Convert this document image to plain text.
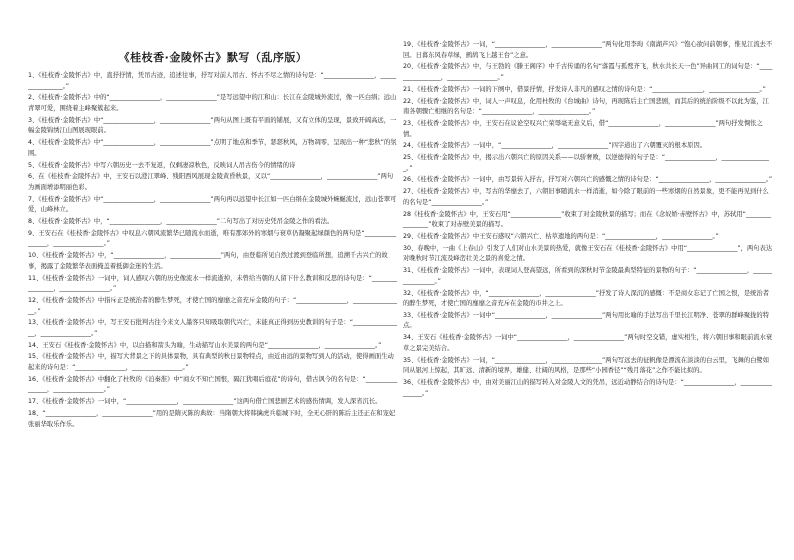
《桂枝香·金陵怀古》默写（乱序版）

1、《桂枝香·金陵怀古》中，直抒抒情，凭吊古迹，追述往事，抒写对前人吊古、怀古不尽之情的诗句是：“________________，________________。”

2、《桂枝香·金陵怀古》中的“________________，________________”是写远望中的江和山：长江在金陵城外流过，像一匹白绢；远山青翠可爱，围绕着主峰聚簇起来。

3、《桂枝香·金陵怀古》中“________________，________________”两句从图上既有平面的铺展，又有立体的呈现，景致开阔高远，一幅金陵锦绣江山图展现眼前。

4、《桂枝香·金陵怀古》中“________________，________________”点明了地点和季节，瑟瑟秋风，万物凋零，呈现出一种“悲秋”的氛围。

5、《桂枝香·金陵怀古》中写六朝历史一去不复返，仅剩凄凉秋色，反映词人吊古伤今的情绪的诗

6、在《桂枝香·金陵怀古》中，王安石以澄江翠峰、残阳西风展现金陵黄昏秋景，又以“________________，________________”两句为画面增添明丽色彩。

7、《桂枝香·金陵怀古》中“________________，________________”两句再以远望中长江如一匹白绢在金陵城外蜿蜒流过，远山苍翠可爱，山峰林立。

8、《桂枝香·金陵怀古》中，“________________，________________”二句写出了对历史凭吊金陵之作的看法。

9、王安石在《桂枝香·金陵怀古》中叹息六朝风流繁华已随流水而逝，唯有那郊外的寒烟与衰草仍凝聚起绿颜色的两句是“________________，________________。”

10、《桂枝香·金陵怀古》中，“________________，________________”两句，由登临所见自然过渡到登临所想，追溯千古兴亡的故事，揭露了金陵繁华表面掩盖着抵御金迷的生活。

11、《桂枝香·金陵怀古》一词中，词人感叹六朝的历史像流水一样流逝掉，未曾给当朝的人留下什么教训和反思的诗句是：“________________，________________。”

12、《桂枝香·金陵怀古》中指斥正是统治者的醉生梦死，才使亡国的靡靡之音充斥金陵的句子：“________________，________________。”

13、《桂枝香·金陵怀古》中，写王安石批判古往今来文人墨客只知吸取朝代兴亡，未能真正得到历史教训的句子是：“________________，________________。”

14、王安石《桂枝香·金陵怀古》中，以白描和箭头为喻，生动描写山水美景的两句是“________________，________________。”

15、《桂枝香·金陵怀古》中，描写大背景之下的具体景物，具有典型的秋日景物特点，由近由远的景物写到人的活动，使得画面生动起来的诗句是：“________________，________________。”

16、《桂枝香·金陵怀古》中翻化了杜牧的《泊秦淮》中“商女不知亡国恨，隔江犹唱后庭花”的诗句，借古讽今的名句是：“________________，________________。”

17、《桂枝香·金陵怀古》一词中，“________________，________________”这两句借亡国悲剧艺术的感伤情调，发人深省沉长。

18、“________________，________________”用的是隋灭陈的典故：当隋朝大将韩擒虎兵临城下时，全无心肝的陈后主还正在和宠妃张丽华取乐作乐。

19、《桂枝香·金陵怀古》一词，“________________，________________”两句化用李珣《南湖芦兴》“饱心欲问前朝事，惟见江流去不回。日暮东风春草绿，鹧鸪飞上越王台”之意。

20、《桂枝香·金陵怀古》中，与王勃的《滕王阁序》中千古传诵的名句“落霞与孤鹜齐飞，秋水共长天一色”异曲同工的词句是：“________________，________________。”

21、《桂枝香·金陵怀古》一词的下阕中，借景抒情，抒发诗人非凡的感叹之情的诗句是：“________________，________________。”

22、《桂枝香·金陵怀古》中，词人一声叹息，化用杜牧的《台城曲》诗句，再现陈后主亡国悲剧，而其后的统治阶级不以此为鉴，江南各朝骤亡相继的名句是：“________________，________________。”

23、《桂枝香·金陵怀古》中，王安石在议论空叹兴亡荣辱毫无意义后，借“________________，________________”两句抒发惆怅之情。

24、《桂枝香·金陵怀古》一词中，“________________，________________”四字道出了六朝覆灭的根本原因。

25、《桂枝香·金陵怀古》中，揭示出六朝兴亡的原因关系——以骄奢败，以逆德得的句子是：“________________，________________。”

26、《桂枝香·金陵怀古》一词中，由写景转入抒古，抒写对六朝兴亡的感慨之情的诗句是：“________________，________________。”

27、《桂枝香·金陵怀古》中，写古的华靡去了，六朝旧事随流水一样消逝，如今除了眼前的一些寒烟的自然景象，更不能再见到什么的名句是“________________。”

28《桂枝香·金陵怀古》中，王安石用“________________”收束了对金陵秋景的描写；而在《念奴娇·赤壁怀古》中，苏轼用“________________”收束了对赤壁美景的描写。

29、《桂枝香·金陵怀古》中王安石感叹“六朝兴亡、枯草遗地的两句是：“________________，________________。”

30、春晚中，一曲《上春山》引发了人们对山水美景的热爱，就像王安石在《桂枝香·金陵怀古》中用“________________”，两句表达对晚秋时节江流及峰峦壮美之景的喜爱之情。

31、《桂枝香·金陵怀古》一词中，表现词人登高望远，所看到的深秋时节金陵最典型特征的景物的句子：“________________，________________。”

32、《桂枝香·金陵怀古》中，“________________，________________”抒发了诗人深沉的感慨：不是商女忘记了亡国之恨，是统治者的醉生梦死，才使亡国的靡靡之音充斥在金陵的市井之上。

33、《桂枝香·金陵怀古》一词中“________________，________________”两句用比喻的手法写出千里长江明净、苍翠的群峰聚拢的特点。

34、王安石《桂枝香·金陵怀古》一词中“________________，________________”两句时空交错，虚实相生，将六朝旧事和眼前流水衰草之景完美结合。

35、《桂枝香·金陵怀古》一词，“________________，________________”两句写远去的征帆像是漂流在淡淡的白云里，飞舞的白鹭如同从银河上惊起，其旷远、清新的境界，雄健、壮阔的风格，是那些“小园香径”“残月落花”之作不能比拟的。

36、《桂枝香·金陵怀古》中，由对美丽江山的描写转入对金陵人文的凭吊，远近动静结合的诗句是：“________________，________________。”
